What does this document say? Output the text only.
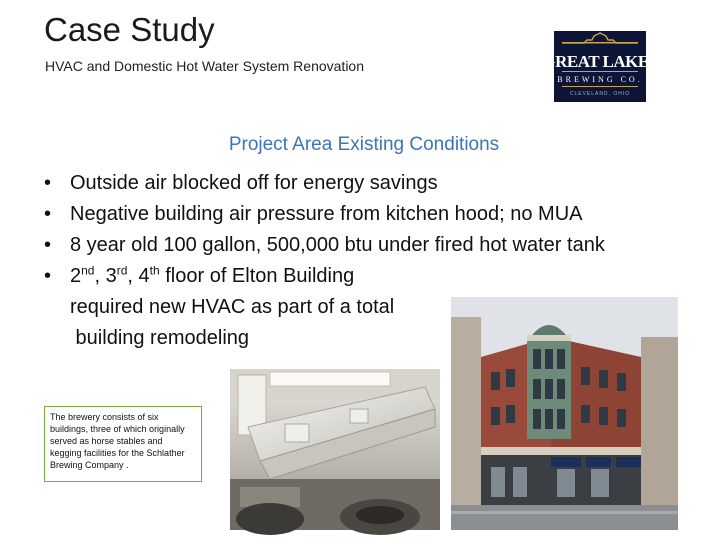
Case Study
HVAC and Domestic Hot Water System Renovation	GREAT LAKES
BREWING CO.
CLEVELAND, OHIO
Project Area Existing Conditions
• Outside air blocked off for energy savings
• Negative building air pressure from kitchen hood; no MUA
• 8 year old 100 gallon, 500,000 btu under fired hot water tank
• 2nd, 3rd, 4th floor of Elton Building
required new HVAC as part of a total
building remodeling
The brewery consists of six buildings, three of which originally served as horse stables and kegging facilities for the Schlather Brewing Company .
